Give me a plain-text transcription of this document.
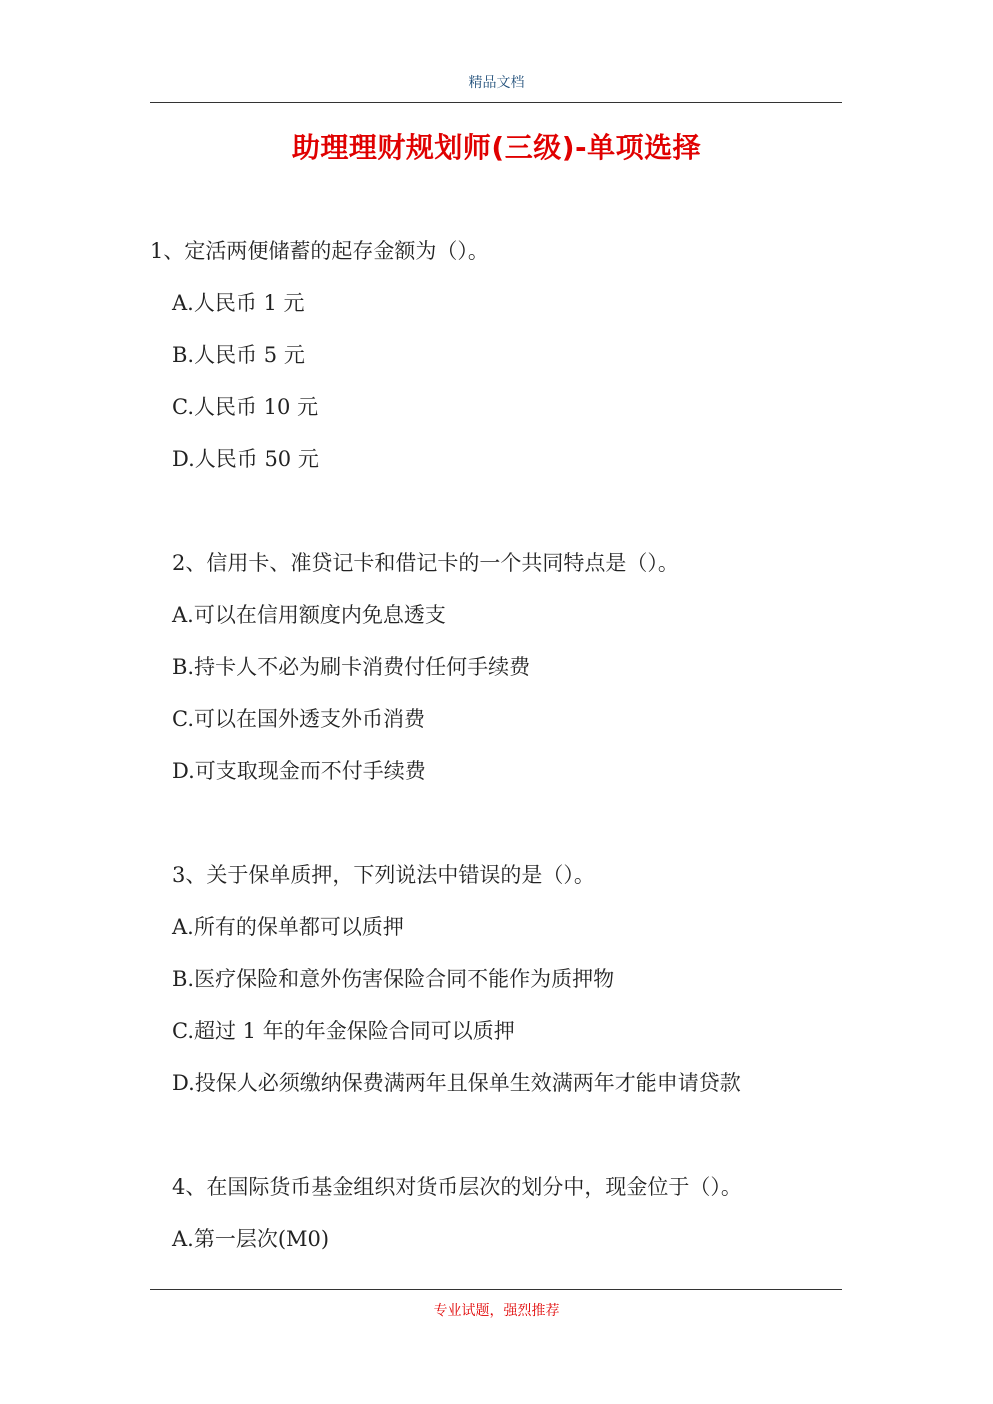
精品文档
助理理财规划师(三级)-单项选择
1、定活两便储蓄的起存金额为（）。
A.人民币 1 元
B.人民币 5 元
C.人民币 10 元
D.人民币 50 元
2、信用卡、准贷记卡和借记卡的一个共同特点是（）。
A.可以在信用额度内免息透支
B.持卡人不必为刷卡消费付任何手续费
C.可以在国外透支外币消费
D.可支取现金而不付手续费
3、关于保单质押，下列说法中错误的是（）。
A.所有的保单都可以质押
B.医疗保险和意外伤害保险合同不能作为质押物
C.超过 1 年的年金保险合同可以质押
D.投保人必须缴纳保费满两年且保单生效满两年才能申请贷款
4、在国际货币基金组织对货币层次的划分中，现金位于（）。
A.第一层次(M0)
专业试题，强烈推荐
